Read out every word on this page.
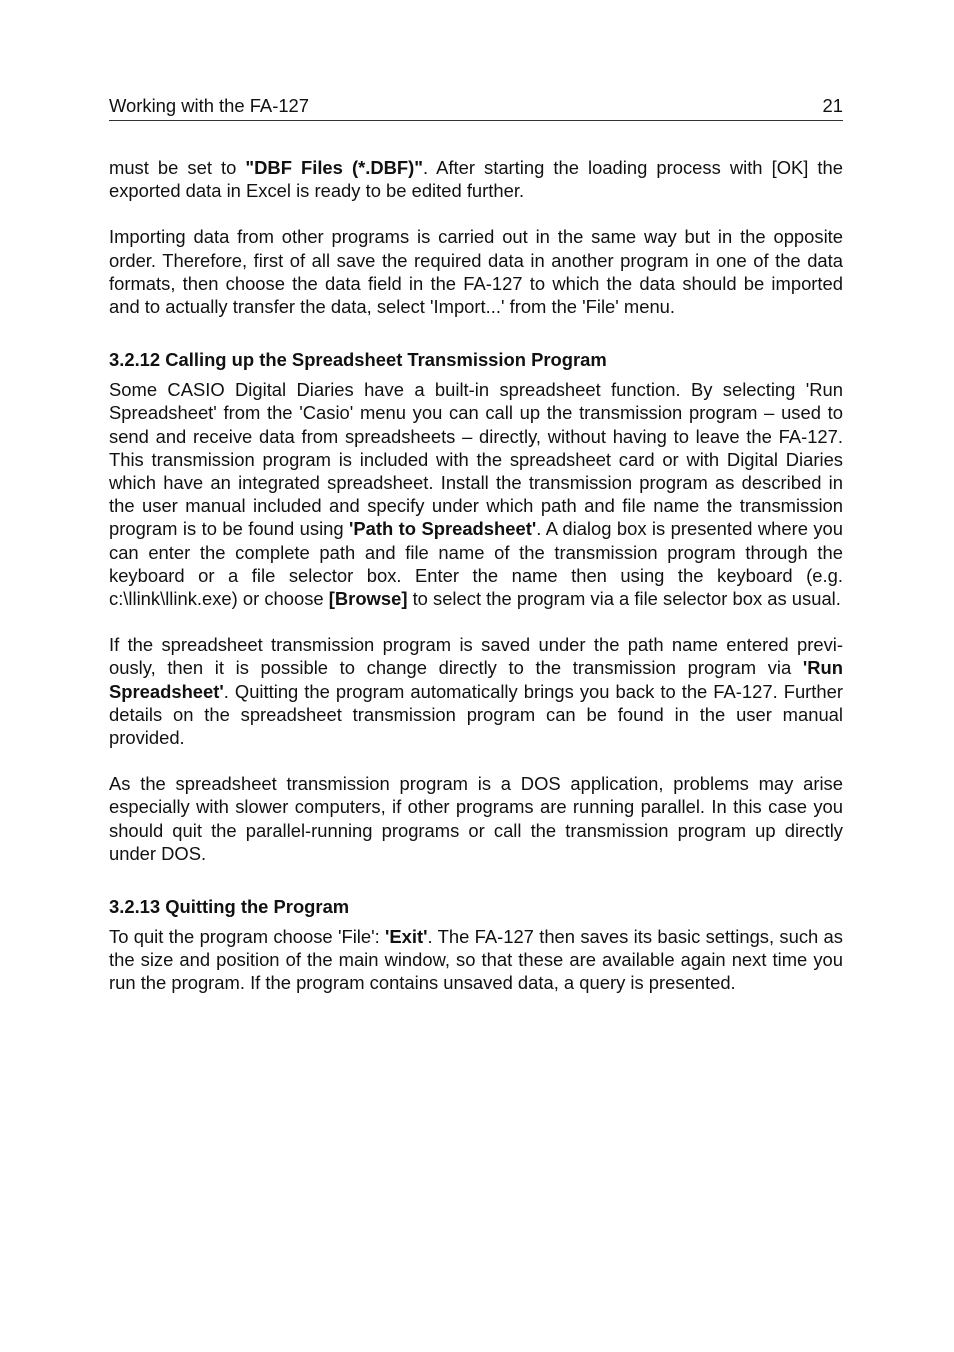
Working with the FA-127	21

must be set to "DBF Files (*.DBF)". After starting the loading process with [OK] the exported data in Excel is ready to be edited further.

Importing data from other programs is carried out in the same way but in the opposite order. Therefore, first of all save the required data in another program in one of the data formats, then choose the data field in the FA-127 to which the data should be imported and to actually transfer the data, select 'Import...' from the 'File' menu.

3.2.12 Calling up the Spreadsheet Transmission Program

Some CASIO Digital Diaries have a built-in spreadsheet function. By selecting 'Run Spreadsheet' from the 'Casio' menu you can call up the transmission program – used to send and receive data from spreadsheets – directly, without having to leave the FA-127. This transmission program is included with the spreadsheet card or with Digital Diaries which have an integrated spreadsheet. Install the transmission program as described in the user manual included and specify under which path and file name the transmission program is to be found using 'Path to Spreadsheet'. A dialog box is presented where you can enter the complete path and file name of the transmission program through the keyboard or a file selector box. Enter the name then using the keyboard (e.g. c:\llink\llink.exe) or choose [Browse] to select the program via a file selector box as usual.

If the spreadsheet transmission program is saved under the path name entered previously, then it is possible to change directly to the transmission program via 'Run Spreadsheet'. Quitting the program automatically brings you back to the FA-127. Further details on the spreadsheet transmission program can be found in the user manual provided.

As the spreadsheet transmission program is a DOS application, problems may arise especially with slower computers, if other programs are running parallel. In this case you should quit the parallel-running programs or call the transmission program up directly under DOS.

3.2.13 Quitting the Program

To quit the program choose 'File': 'Exit'. The FA-127 then saves its basic settings, such as the size and position of the main window, so that these are available again next time you run the program. If the program contains unsaved data, a query is presented.
